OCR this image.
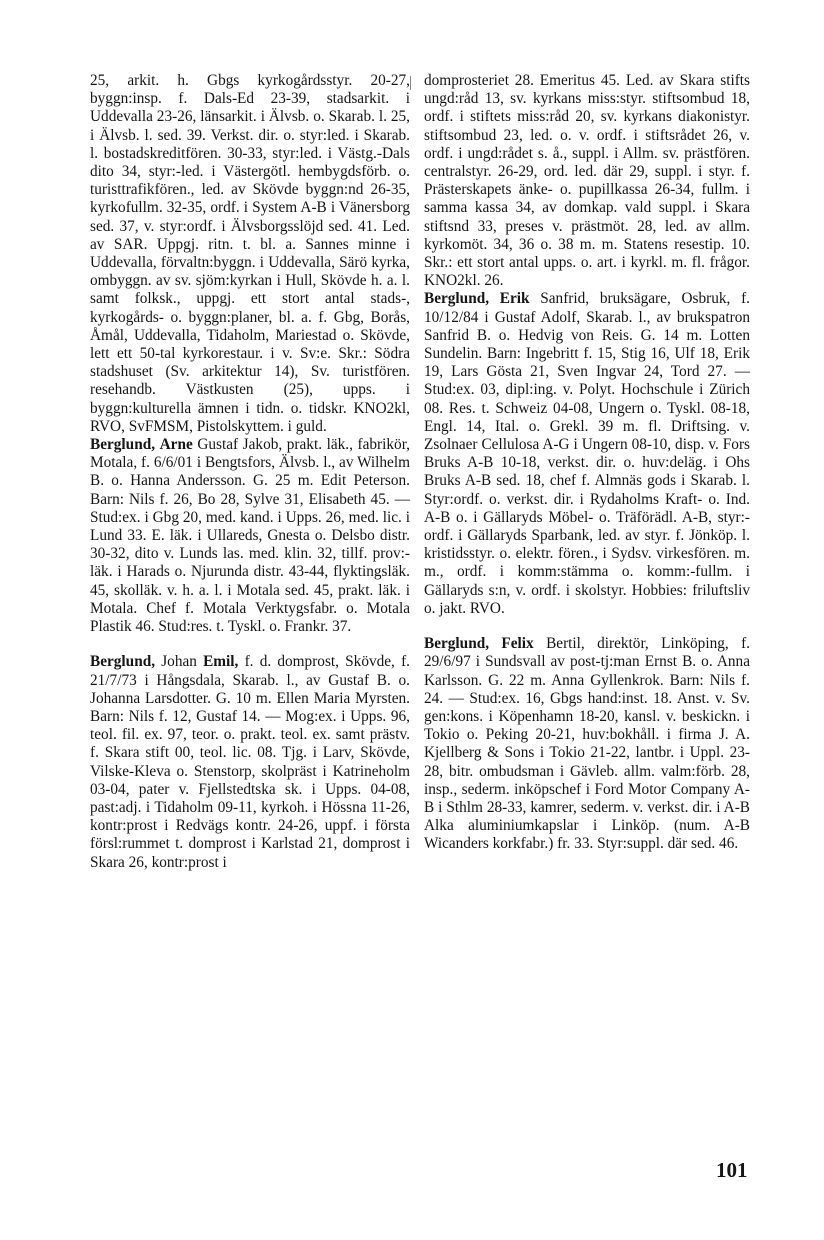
25, arkit. h. Gbgs kyrkogårdsstyr. 20-27, byggn:insp. f. Dals-Ed 23-39, stadsarkit. i Uddevalla 23-26, länsarkit. i Älvsb. o. Skarab. l. 25, i Älvsb. l. sed. 39. Verkst. dir. o. styr:led. i Skarab. l. bostadskreditfören. 30-33, styr:led. i Västg.-Dals dito 34, styr:-led. i Västergötl. hembygdsförb. o. turisttrafikfören., led. av Skövde byggn:nd 26-35, kyrkofullm. 32-35, ordf. i System A-B i Vänersborg sed. 37, v. styr:ordf. i Älvsborgsslöjd sed. 41. Led. av SAR. Uppgj. ritn. t. bl. a. Sannes minne i Uddevalla, förvaltn:byggn. i Uddevalla, Särö kyrka, ombyggn. av sv. sjöm:kyrkan i Hull, Skövde h. a. l. samt folksk., uppgj. ett stort antal stads-, kyrkogårds- o. byggn:planer, bl. a. f. Gbg, Borås, Åmål, Uddevalla, Tidaholm, Mariestad o. Skövde, lett ett 50-tal kyrkorestaur. i v. Sv:e. Skr.: Södra stadshuset (Sv. arkitektur 14), Sv. turistfören. resehandb. Västkusten (25), upps. i byggn:kulturella ämnen i tidn. o. tidskr. KNO2kl, RVO, SvFMSM, Pistolskyttem. i guld.

Berglund, Arne Gustaf Jakob, prakt. läk., fabrikör, Motala, f. 6/6/01 i Bengtsfors, Älvsb. l., av Wilhelm B. o. Hanna Andersson. G. 25 m. Edit Peterson. Barn: Nils f. 26, Bo 28, Sylve 31, Elisabeth 45. — Stud:ex. i Gbg 20, med. kand. i Upps. 26, med. lic. i Lund 33. E. läk. i Ullareds, Gnesta o. Delsbo distr. 30-32, dito v. Lunds las. med. klin. 32, tillf. prov:-läk. i Harads o. Njurunda distr. 43-44, flyktingsläk. 45, skolläk. v. h. a. l. i Motala sed. 45, prakt. läk. i Motala. Chef f. Motala Verktygsfabr. o. Motala Plastik 46. Stud:res. t. Tyskl. o. Frankr. 37.

Berglund, Johan Emil, f. d. domprost, Skövde, f. 21/7/73 i Hångsdala, Skarab. l., av Gustaf B. o. Johanna Larsdotter. G. 10 m. Ellen Maria Myrsten. Barn: Nils f. 12, Gustaf 14. — Mog:ex. i Upps. 96, teol. fil. ex. 97, teor. o. prakt. teol. ex. samt prästv. f. Skara stift 00, teol. lic. 08. Tjg. i Larv, Skövde, Vilske-Kleva o. Stenstorp, skolpräst i Katrineholm 03-04, pater v. Fjellstedtska sk. i Upps. 04-08, past:adj. i Tidaholm 09-11, kyrkoh. i Hössna 11-26, kontr:prost i Redvägs kontr. 24-26, uppf. i första försl:rummet t. domprost i Karlstad 21, domprost i Skara 26, kontr:prost i

domprosteriet 28. Emeritus 45. Led. av Skara stifts ungd:råd 13, sv. kyrkans miss:styr. stiftsombud 18, ordf. i stiftets miss:råd 20, sv. kyrkans diakonistyr. stiftsombud 23, led. o. v. ordf. i stiftsrådet 26, v. ordf. i ungd:rådet s. å., suppl. i Allm. sv. prästfören. centralstyr. 26-29, ord. led. där 29, suppl. i styr. f. Prästerskapets änke- o. pupillkassa 26-34, fullm. i samma kassa 34, av domkap. vald suppl. i Skara stiftsnd 33, preses v. prästmöt. 28, led. av allm. kyrkomöt. 34, 36 o. 38 m. m. Statens resestip. 10. Skr.: ett stort antal upps. o. art. i kyrkl. m. fl. frågor. KNO2kl. 26.

Berglund, Erik Sanfrid, bruksägare, Osbruk, f. 10/12/84 i Gustaf Adolf, Skarab. l., av brukspatron Sanfrid B. o. Hedvig von Reis. G. 14 m. Lotten Sundelin. Barn: Ingebritt f. 15, Stig 16, Ulf 18, Erik 19, Lars Gösta 21, Sven Ingvar 24, Tord 27. — Stud:ex. 03, dipl:ing. v. Polyt. Hochschule i Zürich 08. Res. t. Schweiz 04-08, Ungern o. Tyskl. 08-18, Engl. 14, Ital. o. Grekl. 39 m. fl. Driftsing. v. Zsolnaer Cellulosa A-G i Ungern 08-10, disp. v. Fors Bruks A-B 10-18, verkst. dir. o. huv:deläg. i Ohs Bruks A-B sed. 18, chef f. Almnäs gods i Skarab. l. Styr:ordf. o. verkst. dir. i Rydaholms Kraft- o. Ind. A-B o. i Gällaryds Möbel- o. Träförädl. A-B, styr:-ordf. i Gällaryds Sparbank, led. av styr. f. Jönköp. l. kristidsstyr. o. elektr. fören., i Sydsv. virkesfören. m. m., ordf. i komm:stämma o. komm:-fullm. i Gällaryds s:n, v. ordf. i skolstyr. Hobbies: friluftsliv o. jakt. RVO.

Berglund, Felix Bertil, direktör, Linköping, f. 29/6/97 i Sundsvall av post-tj:man Ernst B. o. Anna Karlsson. G. 22 m. Anna Gyllenkrok. Barn: Nils f. 24. — Stud:ex. 16, Gbgs hand:inst. 18. Anst. v. Sv. gen:kons. i Köpenhamn 18-20, kansl. v. beskickn. i Tokio o. Peking 20-21, huv:bokhåll. i firma J. A. Kjellberg & Sons i Tokio 21-22, lantbr. i Uppl. 23-28, bitr. ombudsman i Gävleb. allm. valm:förb. 28, insp., sederm. inköpschef i Ford Motor Company A-B i Sthlm 28-33, kamrer, sederm. v. verkst. dir. i A-B Alka aluminiumkapslar i Linköp. (num. A-B Wicanders korkfabr.) fr. 33. Styr:suppl. där sed. 46.

101
